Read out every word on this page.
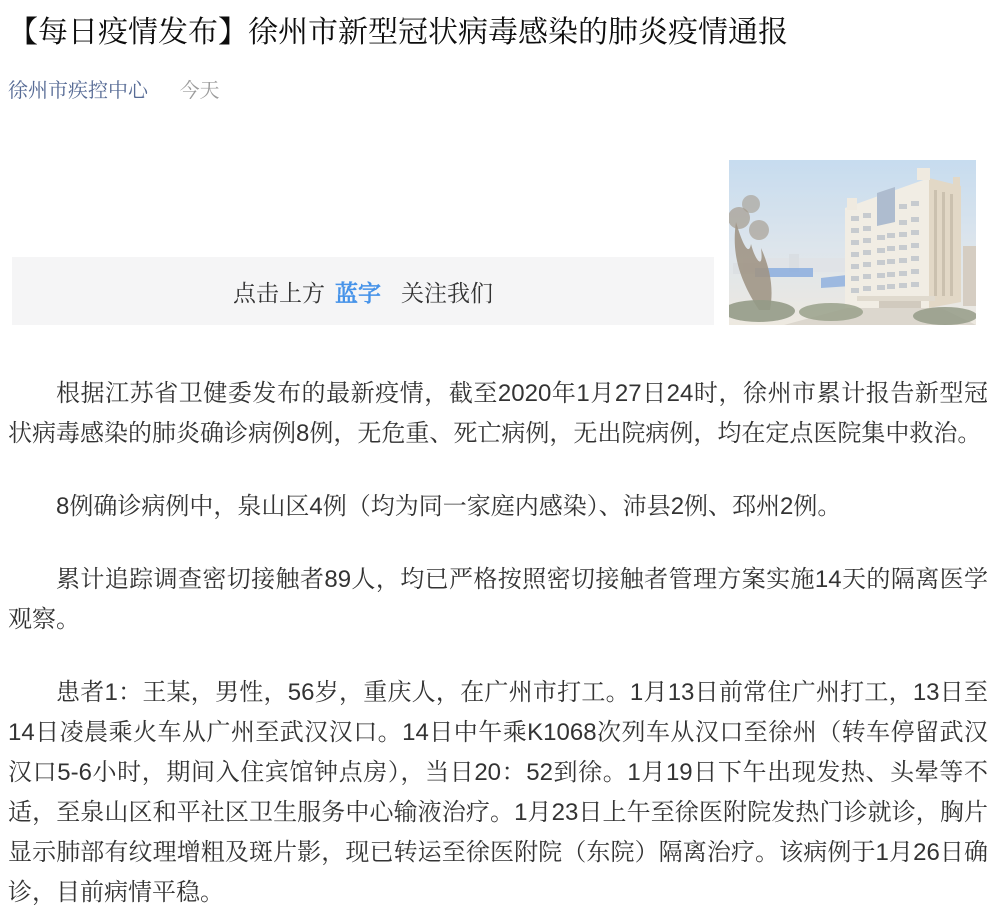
【每日疫情发布】徐州市新型冠状病毒感染的肺炎疫情通报
徐州市疾控中心 今天
点击上方 蓝字 关注我们

根据江苏省卫健委发布的最新疫情，截至2020年1月27日24时，徐州市累计报告新型冠状病毒感染的肺炎确诊病例8例，无危重、死亡病例，无出院病例，均在定点医院集中救治。

8例确诊病例中，泉山区4例（均为同一家庭内感染）、沛县2例、邳州2例。

累计追踪调查密切接触者89人，均已严格按照密切接触者管理方案实施14天的隔离医学观察。

患者1：王某，男性，56岁，重庆人，在广州市打工。1月13日前常住广州打工，13日至14日凌晨乘火车从广州至武汉汉口。14日中午乘K1068次列车从汉口至徐州（转车停留武汉汉口5-6小时，期间入住宾馆钟点房），当日20：52到徐。1月19日下午出现发热、头晕等不适，至泉山区和平社区卫生服务中心输液治疗。1月23日上午至徐医附院发热门诊就诊，胸片显示肺部有纹理增粗及斑片影，现已转运至徐医附院（东院）隔离治疗。该病例于1月26日确诊，目前病情平稳。
